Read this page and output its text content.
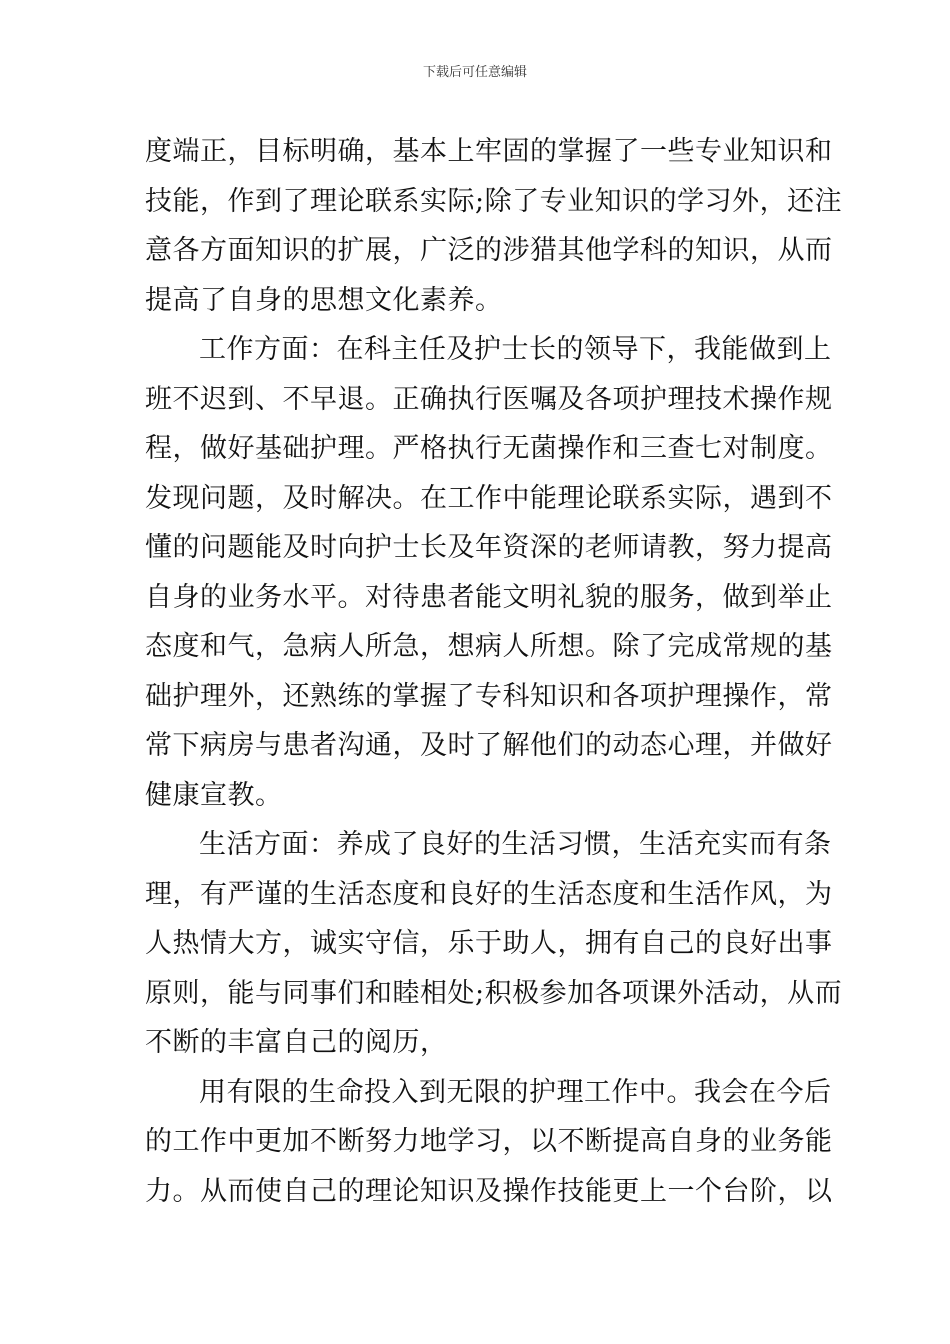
下载后可任意编辑
度端正，目标明确，基本上牢固的掌握了一些专业知识和
技能，作到了理论联系实际;除了专业知识的学习外，还注
意各方面知识的扩展，广泛的涉猎其他学科的知识，从而
提高了自身的思想文化素养。
工作方面：在科主任及护士长的领导下，我能做到上
班不迟到、不早退。正确执行医嘱及各项护理技术操作规
程，做好基础护理。严格执行无菌操作和三查七对制度。
发现问题，及时解决。在工作中能理论联系实际，遇到不
懂的问题能及时向护士长及年资深的老师请教，努力提高
自身的业务水平。对待患者能文明礼貌的服务，做到举止
态度和气，急病人所急，想病人所想。除了完成常规的基
础护理外，还熟练的掌握了专科知识和各项护理操作，常
常下病房与患者沟通，及时了解他们的动态心理，并做好
健康宣教。
生活方面：养成了良好的生活习惯，生活充实而有条
理，有严谨的生活态度和良好的生活态度和生活作风，为
人热情大方，诚实守信，乐于助人，拥有自己的良好出事
原则，能与同事们和睦相处;积极参加各项课外活动，从而
不断的丰富自己的阅历，
用有限的生命投入到无限的护理工作中。我会在今后
的工作中更加不断努力地学习，以不断提高自身的业务能
力。从而使自己的理论知识及操作技能更上一个台阶，以
